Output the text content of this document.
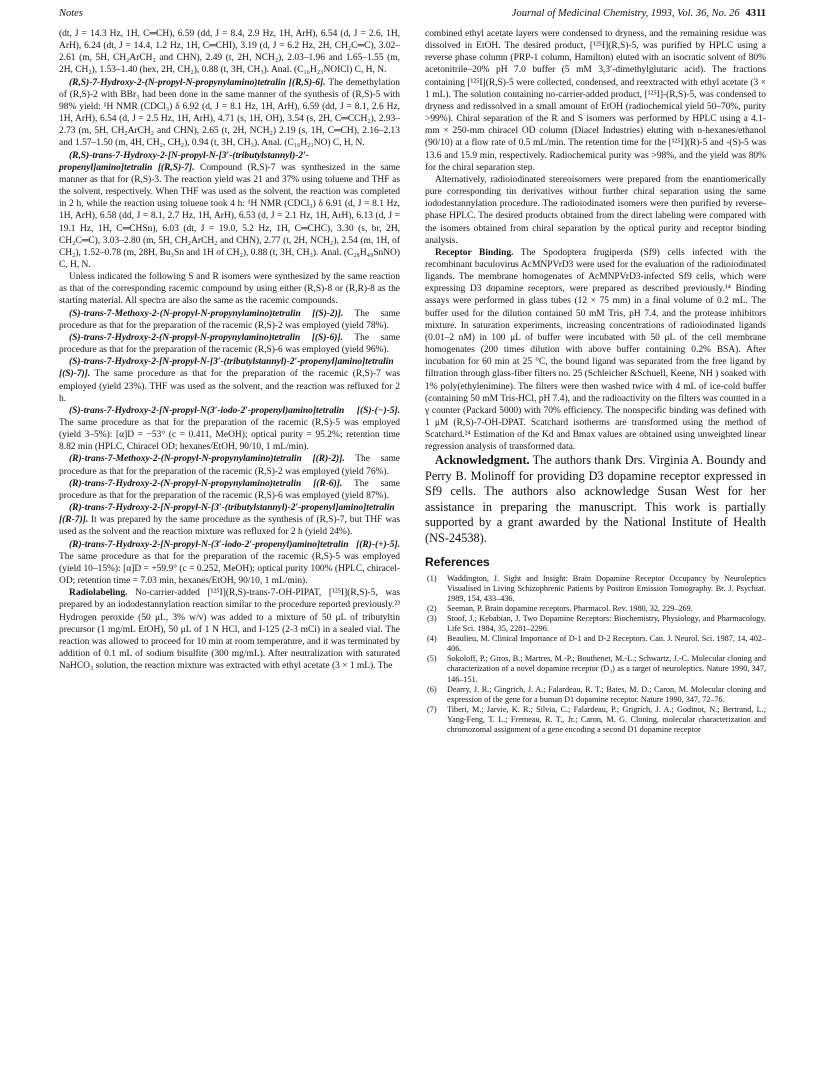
Notes	Journal of Medicinal Chemistry, 1993, Vol. 36, No. 26 4311

(dt, J = 14.3 Hz, 1H, C═CH), 6.59 (dd, J = 8.4, 2.9 Hz, 1H, ArH), 6.54 (d, J = 2.6, 1H, ArH), 6.24 (dt, J = 14.4, 1.2 Hz, 1H, C═CHI), 3.19 (d, J = 6.2 Hz, 2H, CH₂C═C), 3.02–2.61 (m, 5H, CH₂ArCH₂ and CHN), 2.49 (t, 2H, NCH₂), 2.03–1.96 and 1.65–1.55 (m, 2H, CH₂), 1.53–1.40 (hex, 2H, CH₂), 0.88 (t, 3H, CH₃). Anal. (C₁₆H₂₃NOICl) C, H, N.

(R,S)-7-Hydroxy-2-(N-propyl-N-propynylamino)tetralin [(R,S)-6]. The demethylation of (R,S)-2 with BBr₃ had been done in the same manner of the synthesis of (R,S)-5 with 98% yield: ¹H NMR (CDCl₃) δ 6.92 (d, J = 8.1 Hz, 1H, ArH), 6.59 (dd, J = 8.1, 2.6 Hz, 1H, ArH), 6.54 (d, J = 2.5 Hz, 1H, ArH), 4.71 (s, 1H, OH), 3.54 (s, 2H, C═CCH₂), 2.93–2.73 (m, 5H, CH₂ArCH₂ and CHN), 2.65 (t, 2H, NCH₂) 2.19 (s, 1H, C═CH), 2.16–2.13 and 1.57–1.50 (m, 4H, CH₂, CH₂), 0.94 (t, 3H, CH₃). Anal. (C₁₆H₂₁NO) C, H, N.

(R,S)-trans-7-Hydroxy-2-[N-propyl-N-[3′-(tributylstannyl)-2′-propenyl]amino]tetralin [(R,S)-7]. Compound (R,S)-7 was synthesized in the same manner as that for (R,S)-3. The reaction yield was 21 and 37% using toluene and THF as the solvent, respectively. When THF was used as the solvent, the reaction was completed in 2 h, while the reaction using toluene took 4 h: ¹H NMR (CDCl₃) δ 6.91 (d, J = 8.1 Hz, 1H, ArH), 6.58 (dd, J = 8.1, 2.7 Hz, 1H, ArH), 6.53 (d, J = 2.1 Hz, 1H, ArH), 6.13 (d, J = 19.1 Hz, 1H, C═CHSn), 6.03 (dt, J = 19.0, 5.2 Hz, 1H, C═CHC), 3.30 (s, br, 2H, CH₂C═C), 3.03–2.80 (m, 5H, CH₂ArCH₂ and CHN), 2.77 (t, 2H, NCH₂), 2.54 (m, 1H, of CH₂), 1.52–0.78 (m, 28H, Bu₃Sn and 1H of CH₂), 0.88 (t, 3H, CH₃). Anal. (C₂₈H₄₉SnNO) C, H, N.

Unless indicated the following S and R isomers were synthesized by the same reaction as that of the corresponding racemic compound by using either (R,S)-8 or (R,R)-8 as the starting material. All spectra are also the same as the racemic compounds.

(S)-trans-7-Methoxy-2-(N-propyl-N-propynylamino)tetralin [(S)-2)]. The same procedure as that for the preparation of the racemic (R,S)-2 was employed (yield 78%).

(S)-trans-7-Hydroxy-2-(N-propyl-N-propynylamino)tetralin [(S)-6)]. The same procedure as that for the preparation of the racemic (R,S)-6 was employed (yield 96%).

(S)-trans-7-Hydroxy-2-[N-propyl-N-[3′-(tributylstannyl)-2′-propenyl]amino]tetralin [(S)-7)]. The same procedure as that for the preparation of the racemic (R,S)-7 was employed (yield 23%). THF was used as the solvent, and the reaction was refluxed for 2 h.

(S)-trans-7-Hydroxy-2-[N-propyl-N(3′-iodo-2′-propenyl)amino]tetralin [(S)-(−)-5]. The same procedure as that for the preparation of the racemic (R,S)-5 was employed (yield 3–5%): [α]D = −53° (c = 0.411, MeOH); optical purity = 95.2%; retention time 8.82 min (HPLC, Chiracel OD; hexanes/EtOH, 90/10, 1 mL/min).

(R)-trans-7-Methoxy-2-(N-propyl-N-propynylamino)tetralin [(R)-2)]. The same procedure as that for the preparation of the racemic (R,S)-2 was employed (yield 76%).

(R)-trans-7-Hydroxy-2-(N-propyl-N-propynylamino)tetralin [(R-6)]. The same procedure as that for the preparation of the racemic (R,S)-6 was employed (yield 87%).

(R)-trans-7-Hydroxy-2-[N-propyl-N-[3′-(tributylstannyl)-2′-propenyl]amino]tetralin [(R-7)]. It was prepared by the same procedure as the synthesis of (R,S)-7, but THF was used as the solvent and the reaction mixture was refluxed for 2 h (yield 24%).

(R)-trans-7-Hydroxy-2-[N-propyl-N-(3′-iodo-2′-propenyl)amino]tetralin [(R)-(+)-5]. The same procedure as that for the preparation of the racemic (R,S)-5 was employed (yield 10–15%): [α]D = +59.9° (c = 0.252, MeOH); optical purity 100% (HPLC, chiracel-OD; retention time = 7.03 min, hexanes/EtOH, 90/10, 1 mL/min).

Radiolabeling. No-carrier-added [¹²⁵I](R,S)-trans-7-OH-PIPAT, [¹²⁵I](R,S)-5, was prepared by an iododestannylation reaction similar to the procedure reported previously.²³ Hydrogen peroxide (50 μL, 3% w/v) was added to a mixture of 50 μL of tributyltin precursor (1 mg/mL EtOH), 50 μL of 1 N HCl, and I-125 (2-3 mCi) in a sealed vial. The reaction was allowed to proceed for 10 min at room temperature, and it was terminated by addition of 0.1 mL of sodium bisulfite (300 mg/mL). After neutralization with saturated NaHCO₃ solution, the reaction mixture was extracted with ethyl acetate (3 × 1 mL). The

combined ethyl acetate layers were condensed to dryness, and the remaining residue was dissolved in EtOH. The desired product, [¹²⁵I](R,S)-5, was purified by HPLC using a reverse phase column (PRP-1 column, Hamilton) eluted with an isocratic solvent of 80% acetonitrile–20% pH 7.0 buffer (5 mM 3,3′-dimethylglutaric acid). The fractions containing [¹²⁵I](R,S)-5 were collected, condensed, and reextracted with ethyl acetate (3 × 1 mL). The solution containing no-carrier-added product, [¹²⁵I]-(R,S)-5, was condensed to dryness and redissolved in a small amount of EtOH (radiochemical yield 50–70%, purity >99%). Chiral separation of the R and S isomers was performed by HPLC using a 4.1-mm × 250-mm chiracel OD column (Diacel Industries) eluting with n-hexanes/ethanol (90/10) at a flow rate of 0.5 mL/min. The retention time for the [¹²⁵I](R)-5 and -(S)-5 was 13.6 and 15.9 min, respectively. Radiochemical purity was >98%, and the yield was 80% for the chiral separation step.

Alternatively, radioiodinated stereoisomers were prepared from the enantiomerically pure corresponding tin derivatives without further chiral separation using the same iododestannylation procedure. The radioiodinated isomers were then purified by reverse-phase HPLC. The desired products obtained from the direct labeling were compared with the isomers obtained from chiral separation by the optical purity and receptor binding analysis.

Receptor Binding. The Spodoptera frugiperda (Sf9) cells infected with the recombinant baculovirus AcMNPVrD3 were used for the evaluation of the radioiodinated ligands. The membrane homogenates of AcMNPVrD3-infected Sf9 cells, which were expressing D3 dopamine receptors, were prepared as described previously.¹⁴ Binding assays were performed in glass tubes (12 × 75 mm) in a final volume of 0.2 mL. The buffer used for the dilution contained 50 mM Tris, pH 7.4, and the protease inhibitors mixture. In saturation experiments, increasing concentrations of radioiodinated ligands (0.01–2 nM) in 100 μL of buffer were incubated with 50 μL of the cell membrane homogenates (200 times dilution with above buffer containing 0.2% BSA). After incubation for 60 min at 25 °C, the bound ligand was separated from the free ligand by filtration through glass-fiber filters no. 25 (Schleicher &Schuell, Keene, NH ) soaked with 1% poly(ethylenimine). The filters were then washed twice with 4 mL of ice-cold buffer (containing 50 mM Tris-HCl, pH 7.4), and the radioactivity on the filters was counted in a γ counter (Packard 5000) with 70% efficiency. The nonspecific binding was defined with 1 μM (R,S)-7-OH-DPAT. Scatchard isotherms are transformed using the method of Scatchard.²⁴ Estimation of the Kd and Bmax values are obtained using unweighted linear regression analysis of transformed data.

Acknowledgment. The authors thank Drs. Virginia A. Boundy and Perry B. Molinoff for providing D3 dopamine receptor expressed in Sf9 cells. The authors also acknowledge Susan West for her assistance in preparing the manuscript. This work is partially supported by a grant awarded by the National Institute of Health (NS-24538).

References
(1) Waddington, J. Sight and Insight: Brain Dopamine Receptor Occupancy by Neuroleptics Visualised in Living Schizophrenic Patients by Positron Emission Tomography. Br. J. Psychiat. 1989, 154, 433–436.
(2) Seeman, P. Brain dopamine receptors. Pharmacol. Rev. 1980, 32, 229–269.
(3) Stoof, J.; Kebabian, J. Two Dopamine Receptors: Biochemistry, Physiology, and Pharmacology. Life Sci. 1984, 35, 2281–2296.
(4) Beaulieu, M. Clinical Importance of D-1 and D-2 Receptors. Can. J. Neurol. Sci. 1987, 14, 402–406.
(5) Sokoloff, P.; Giros, B.; Martres, M.-P.; Bouthenet, M.-L.; Schwartz, J.-C. Molecular cloning and characterization of a novel dopamine receptor (D₃) as a target of neuroleptics. Nature 1990, 347, 146–151.
(6) Dearry, J. R.; Gingrich, J. A.; Falardeau, R. T.; Bates, M. D.; Caron, M. Molecular cloning and expression of the gene for a human D1 dopamine receptor. Nature 1990, 347, 72–76.
(7) Tiberi, M.; Jarvie, K. R.; Silvia, C.; Falardeau, P.; Grigrich, J. A.; Godinot, N.; Bertrand, L.; Yang-Feng, T. L.; Fremeau, R. T., Jr.; Caron, M. G. Cloning, molecular characterization and chromozomal assignment of a gene encoding a second D1 dopamine receptor
